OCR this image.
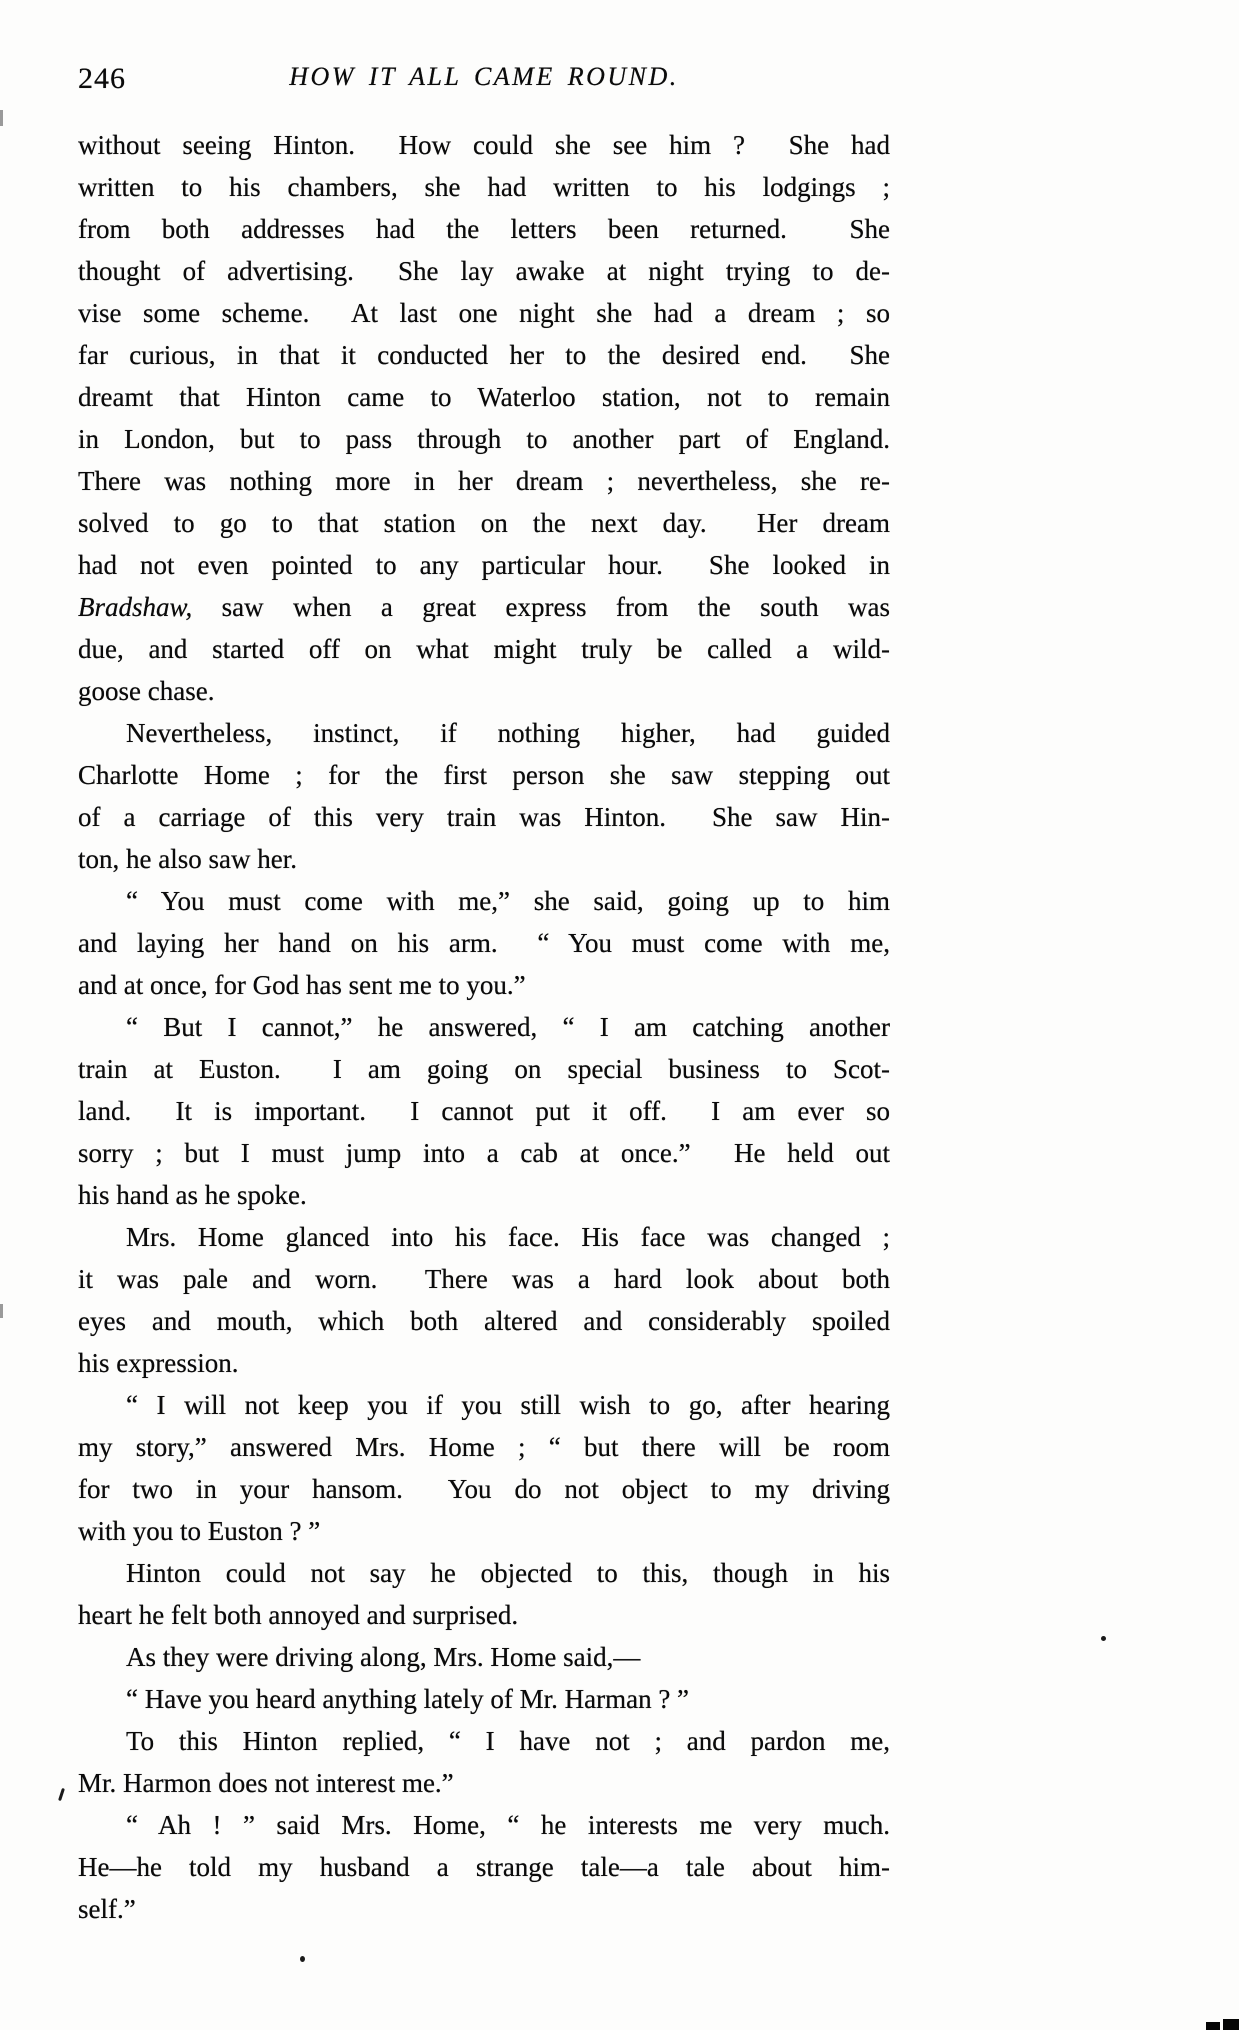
246	HOW IT ALL CAME ROUND.
without seeing Hinton.  How could she see him ?  She had
written to his chambers, she had written to his lodgings ;
from both addresses had the letters been returned.  She
thought of advertising.  She lay awake at night trying to de-
vise some scheme.  At last one night she had a dream ; so
far curious, in that it conducted her to the desired end.  She
dreamt that Hinton came to Waterloo station, not to remain
in London, but to pass through to another part of England.
There was nothing more in her dream ; nevertheless, she re-
solved to go to that station on the next day.  Her dream
had not even pointed to any particular hour.  She looked in
Bradshaw, saw when a great express from the south was
due, and started off on what might truly be called a wild-
goose chase.
Nevertheless, instinct, if nothing higher, had guided
Charlotte Home ; for the first person she saw stepping out
of a carriage of this very train was Hinton.  She saw Hin-
ton, he also saw her.
“ You must come with me,” she said, going up to him
and laying her hand on his arm.  “ You must come with me,
and at once, for God has sent me to you.”
“ But I cannot,” he answered, “ I am catching another
train at Euston.  I am going on special business to Scot-
land.  It is important.  I cannot put it off.  I am ever so
sorry ; but I must jump into a cab at once.”  He held out
his hand as he spoke.
Mrs. Home glanced into his face. His face was changed ;
it was pale and worn.  There was a hard look about both
eyes and mouth, which both altered and considerably spoiled
his expression.
“ I will not keep you if you still wish to go, after hearing
my story,” answered Mrs. Home ; “ but there will be room
for two in your hansom.  You do not object to my driving
with you to Euston ? ”
Hinton could not say he objected to this, though in his
heart he felt both annoyed and surprised.
As they were driving along, Mrs. Home said,—
“ Have you heard anything lately of Mr. Harman ? ”
To this Hinton replied, “ I have not ; and pardon me,
Mr. Harmon does not interest me.”
“ Ah ! ” said Mrs. Home, “ he interests me very much.
He—he told my husband a strange tale—a tale about him-
self.”
